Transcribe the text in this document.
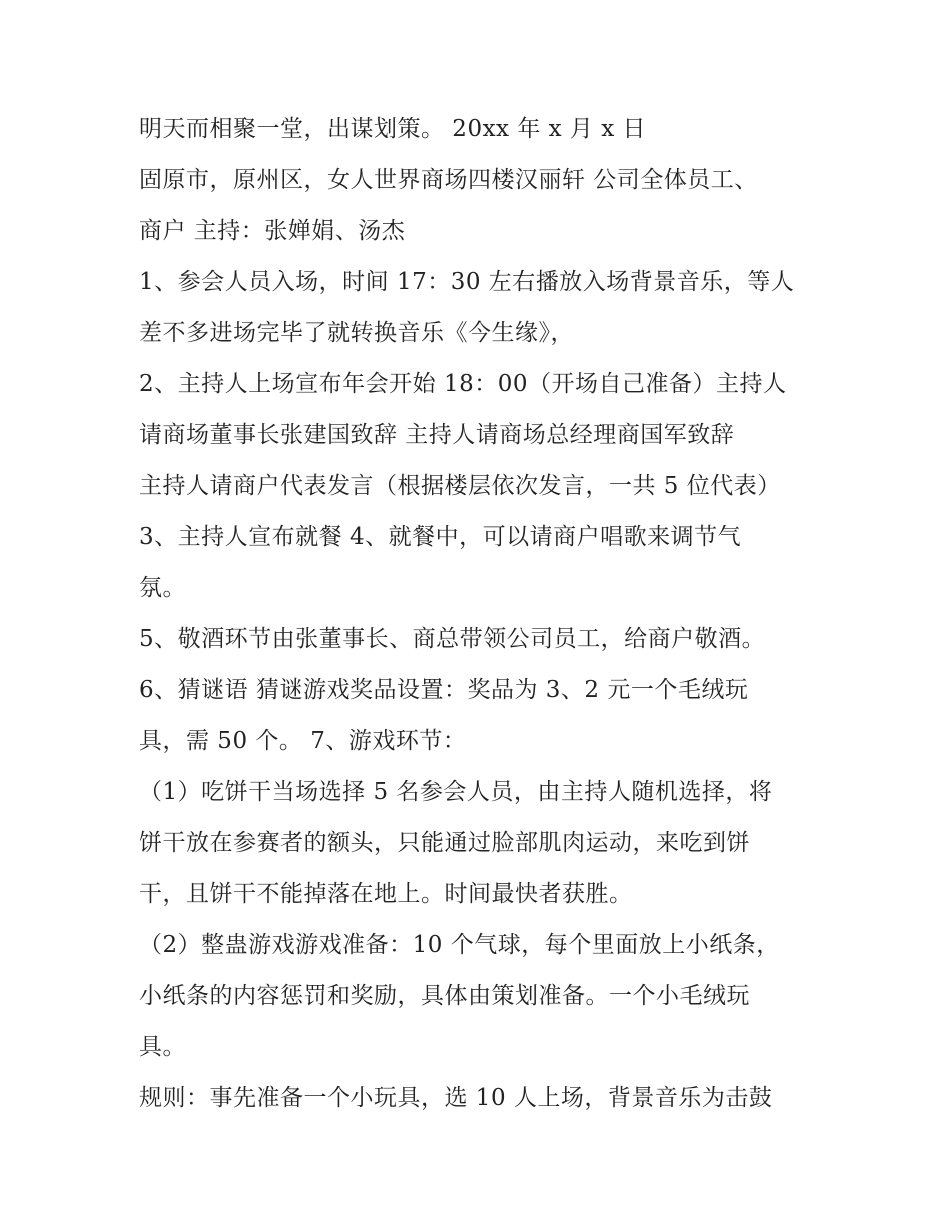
明天而相聚一堂，出谋划策。 20xx 年 x 月 x 日
固原市，原州区，女人世界商场四楼汉丽轩 公司全体员工、
商户 主持：张婵娟、汤杰
1、参会人员入场，时间 17：30 左右播放入场背景音乐，等人
差不多进场完毕了就转换音乐《今生缘》，
2、主持人上场宣布年会开始 18：00（开场自己准备）主持人
请商场董事长张建国致辞 主持人请商场总经理商国军致辞
主持人请商户代表发言（根据楼层依次发言，一共 5 位代表）
3、主持人宣布就餐 4、就餐中，可以请商户唱歌来调节气
氛。
5、敬酒环节由张董事长、商总带领公司员工，给商户敬酒。
6、猜谜语 猜谜游戏奖品设置：奖品为 3、2 元一个毛绒玩
具，需 50 个。 7、游戏环节：
（1）吃饼干当场选择 5 名参会人员，由主持人随机选择，将
饼干放在参赛者的额头，只能通过脸部肌肉运动，来吃到饼
干，且饼干不能掉落在地上。时间最快者获胜。
（2）整蛊游戏游戏准备：10 个气球，每个里面放上小纸条，
小纸条的内容惩罚和奖励，具体由策划准备。一个小毛绒玩
具。
规则：事先准备一个小玩具，选 10 人上场，背景音乐为击鼓
